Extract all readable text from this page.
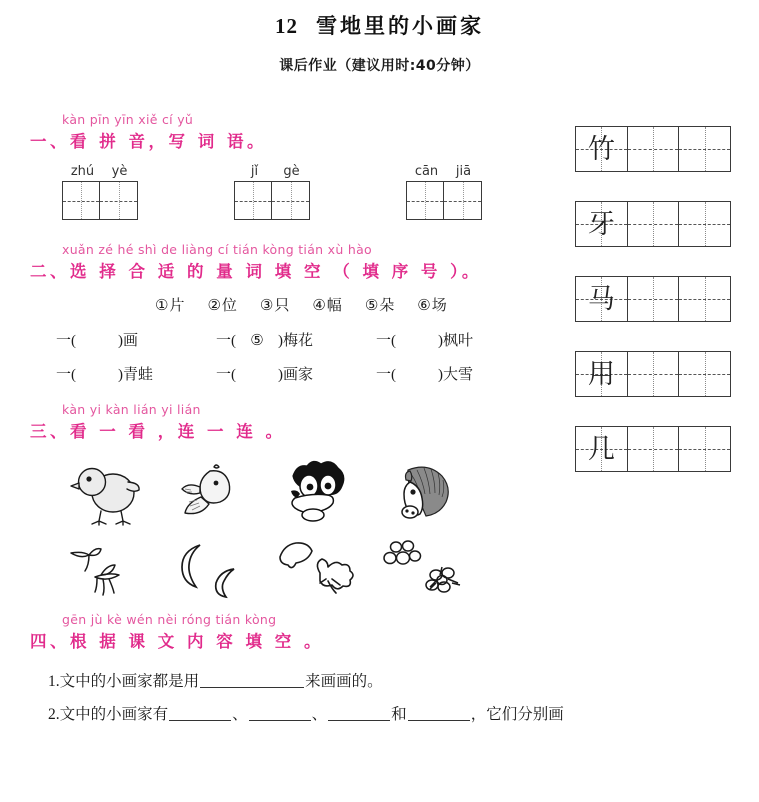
12 雪地里的小画家
课后作业（建议用时:40分钟）
kàn pīn yīn xiě cí yǔ
一、看 拼 音，写 词 语。
zhú	yè	jǐ	gè	cān	jiā
xuǎn zé hé shì de liàng cí tián kòng tián xù hào
二、选 择 合 适 的 量 词 填 空 （ 填 序 号 ）。
①片 ②位 ③只 ④幅 ⑤朵 ⑥场
一(	)画	一( ⑤ )梅花	一(	)枫叶
一(	)青蛙	一(	)画家	一(	)大雪
kàn yi kàn lián yi lián
三、看 一 看 ，连 一 连 。
gēn jù kè wén nèi róng tián kòng
四、根 据 课 文 内 容 填 空 。
1.文中的小画家都是用	来画画的。
2.文中的小画家有	、	、	和	，它们分别画
竹
牙
马
用
几
